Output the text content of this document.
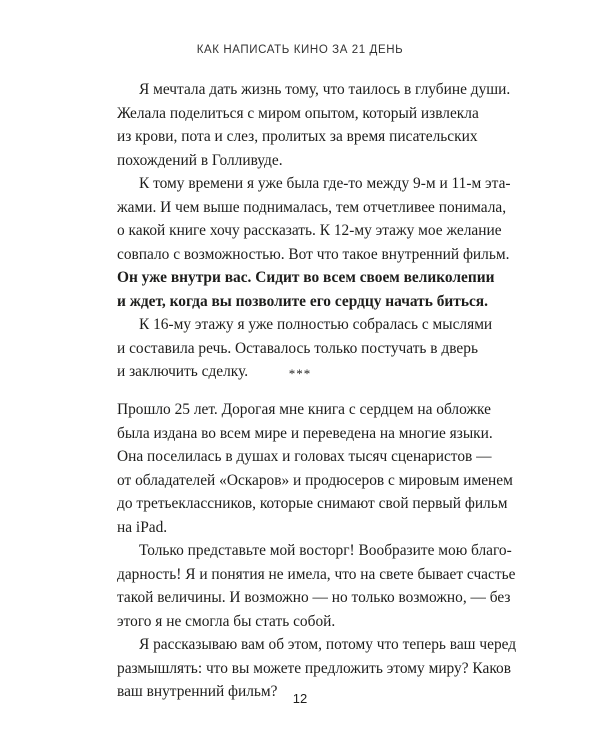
КАК НАПИСАТЬ КИНО ЗА 21 ДЕНЬ
Я мечтала дать жизнь тому, что таилось в глубине души.
Желала поделиться с миром опытом, который извлекла
из крови, пота и слез, пролитых за время писательских
похождений в Голливуде.
К тому времени я уже была где-то между 9-м и 11-м эта-
жами. И чем выше поднималась, тем отчетливее понимала,
о какой книге хочу рассказать. К 12-му этажу мое желание
совпало с возможностью. Вот что такое внутренний фильм.
Он уже внутри вас. Сидит во всем своем великолепии
и ждет, когда вы позволите его сердцу начать биться.
К 16-му этажу я уже полностью собралась с мыслями
и составила речь. Оставалось только постучать в дверь
и заключить сделку.	***
Прошло 25 лет. Дорогая мне книга с сердцем на обложке
была издана во всем мире и переведена на многие языки.
Она поселилась в душах и головах тысяч сценаристов —
от обладателей «Оскаров» и продюсеров с мировым именем
до третьеклассников, которые снимают свой первый фильм
на iPad.
Только представьте мой восторг! Вообразите мою благо-
дарность! Я и понятия не имела, что на свете бывает счастье
такой величины. И возможно — но только возможно, — без
этого я не смогла бы стать собой.
Я рассказываю вам об этом, потому что теперь ваш черед
размышлять: что вы можете предложить этому миру? Каков
ваш внутренний фильм?	12
